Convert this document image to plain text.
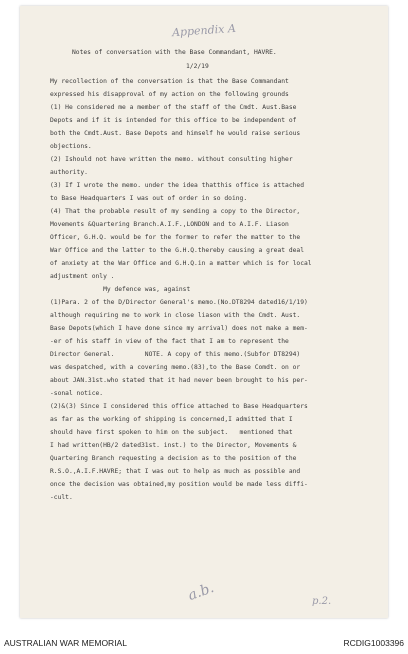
Appendix A
Notes of conversation with the Base Commandant, HAVRE.
1/2/19
My recollection of the conversation is that the Base Commandant
expressed his disapproval of my action on the following grounds
(1) He considered me a member of the staff of the Cmdt. Aust.Base
Depots and if it is intended for this office to be independent of
both the Cmdt.Aust. Base Depots and himself he would raise serious
objections.
(2) Ishould not have written the memo. without consulting higher
authority.
(3) If I wrote the memo. under the idea thatthis office is attached
to Base Headquarters I was out of order in so doing.
(4) That the probable result of my sending a copy to the Director,
Movements &Quartering Branch.A.I.F.,LONDON and to A.I.F. Liason
Officer, G.H.Q. would be for the former to refer the matter to the
War Office and the latter to the G.H.Q.thereby causing a great deal
of anxiety at the War Office and G.H.Q.in a matter which is for local
adjustment only .
My defence was, against
(1)Para. 2 of the D/Director General's memo.(No.DT8294 dated16/1/19)
although requiring me to work in close liason with the Cmdt. Aust.
Base Depots(which I have done since my arrival) does not make a mem-
-er of his staff in view of the fact that I am to represent the
Director General.        NOTE. A copy of this memo.(Subfor DT8294)
was despatched, with a covering memo.(83),to the Base Comdt. on or
about JAN.31st.who stated that it had never been brought to his per-
-sonal notice.
(2)&(3) Since I considered this office attached to Base Headquarters
as far as the working of shipping is concerned,I admitted that I
should have first spoken to him on the subject.   mentioned that
I had written(HB/2 dated31st. inst.) to the Director, Movements &
Quartering Branch requesting a decision as to the position of the
R.S.O.,A.I.F.HAVRE; that I was out to help as much as possible and
once the decision was obtained,my position would be made less diffi-
-cult.
a.b.	p.2.
AUSTRALIAN WAR MEMORIAL	RCDIG1003396
